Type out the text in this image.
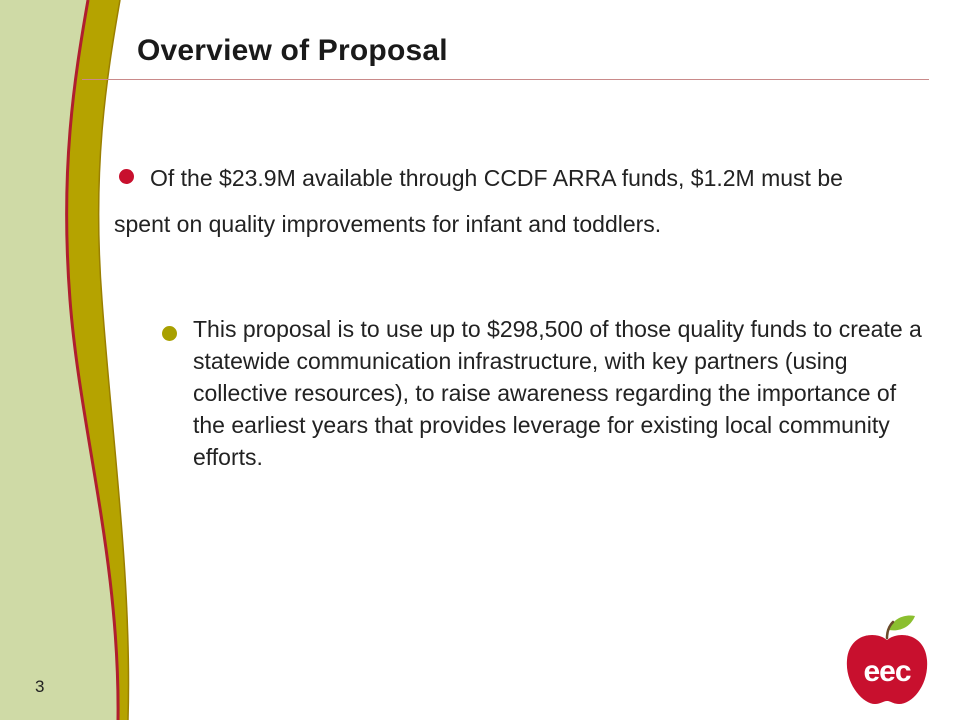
Overview of Proposal

Of the $23.9M available through CCDF ARRA funds, $1.2M must be spent on quality improvements for infant and toddlers.

This proposal is to use up to $298,500 of those quality funds to create a statewide communication infrastructure, with key partners (using collective resources), to raise awareness regarding the importance of the earliest years that provides leverage for existing local community efforts.

3	eec
